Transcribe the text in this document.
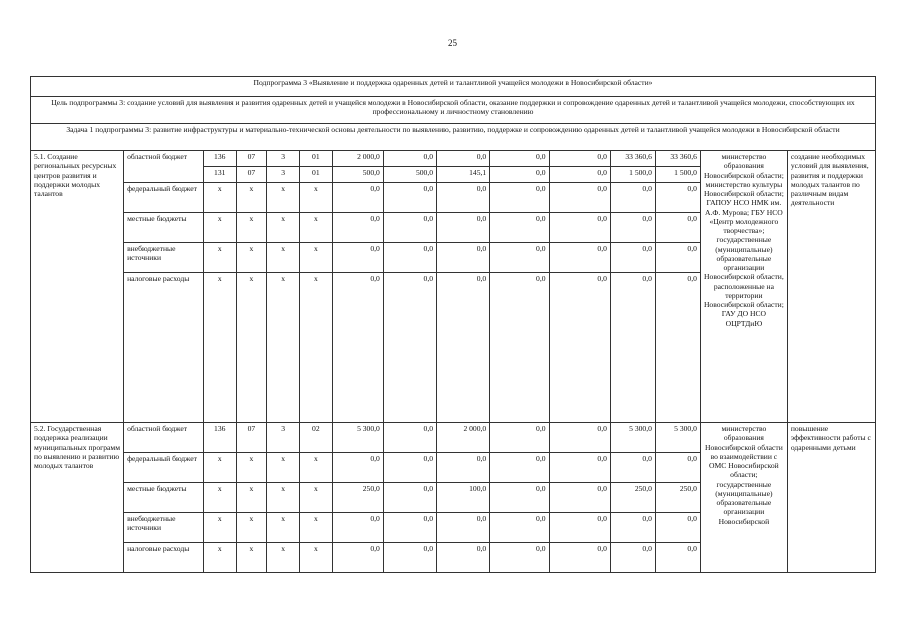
25
Подпрограмма 3 «Выявление и поддержка одаренных детей и талантливой учащейся молодежи в Новосибирской области»														
Цель подпрограммы 3: создание условий для выявления и развития одаренных детей и учащейся молодежи в Новосибирской области, оказание поддержки и сопровождение одаренных детей и талантливой учащейся молодежи, способствующих их профессиональному и личностному становлению														
Задача 1 подпрограммы 3: развитие инфраструктуры и материально-технической основы деятельности по выявлению, развитию, поддержке и сопровождению одаренных детей и талантливой учащейся молодежи в Новосибирской области														
5.1. Создание региональных ресурсных центров развития и поддержки молодых талантов	областной бюджет	136	07	3	01	2 000,0	0,0	0,0	0,0	0,0	33 360,6	33 360,6	министерство образования Новосибирской области; министерство культуры Новосибирской области; ГАПОУ НСО НМК им. А.Ф. Мурова; ГБУ НСО «Центр молодежного творчества»; государственные (муниципальные) образовательные организации Новосибирской области, расположенные на территории Новосибирской области; ГАУ ДО НСО ОЦРТДиЮ	создание необходимых условий для выявления, развития и поддержки молодых талантов по различным видам деятельности
		131	07	3	01	500,0	500,0	145,1	0,0	0,0	1 500,0	1 500,0		
	федеральный бюджет	х	х	х	х	0,0	0,0	0,0	0,0	0,0	0,0	0,0		
	местные бюджеты	х	х	х	х	0,0	0,0	0,0	0,0	0,0	0,0	0,0		
	внебюджетные источники	х	х	х	х	0,0	0,0	0,0	0,0	0,0	0,0	0,0		
	налоговые расходы	х	х	х	х	0,0	0,0	0,0	0,0	0,0	0,0	0,0		
5.2. Государственная поддержка реализации муниципальных программ по выявлению и развитию молодых талантов	областной бюджет	136	07	3	02	5 300,0	0,0	2 000,0	0,0	0,0	5 300,0	5 300,0	министерство образования Новосибирской области во взаимодействии с ОМС Новосибирской области; государственные (муниципальные) образовательные организации Новосибирской	повышение эффективности работы с одаренными детьми
	федеральный бюджет	х	х	х	х	0,0	0,0	0,0	0,0	0,0	0,0	0,0		
	местные бюджеты	х	х	х	х	250,0	0,0	100,0	0,0	0,0	250,0	250,0		
	внебюджетные источники	х	х	х	х	0,0	0,0	0,0	0,0	0,0	0,0	0,0		
	налоговые расходы	х	х	х	х	0,0	0,0	0,0	0,0	0,0	0,0	0,0		
